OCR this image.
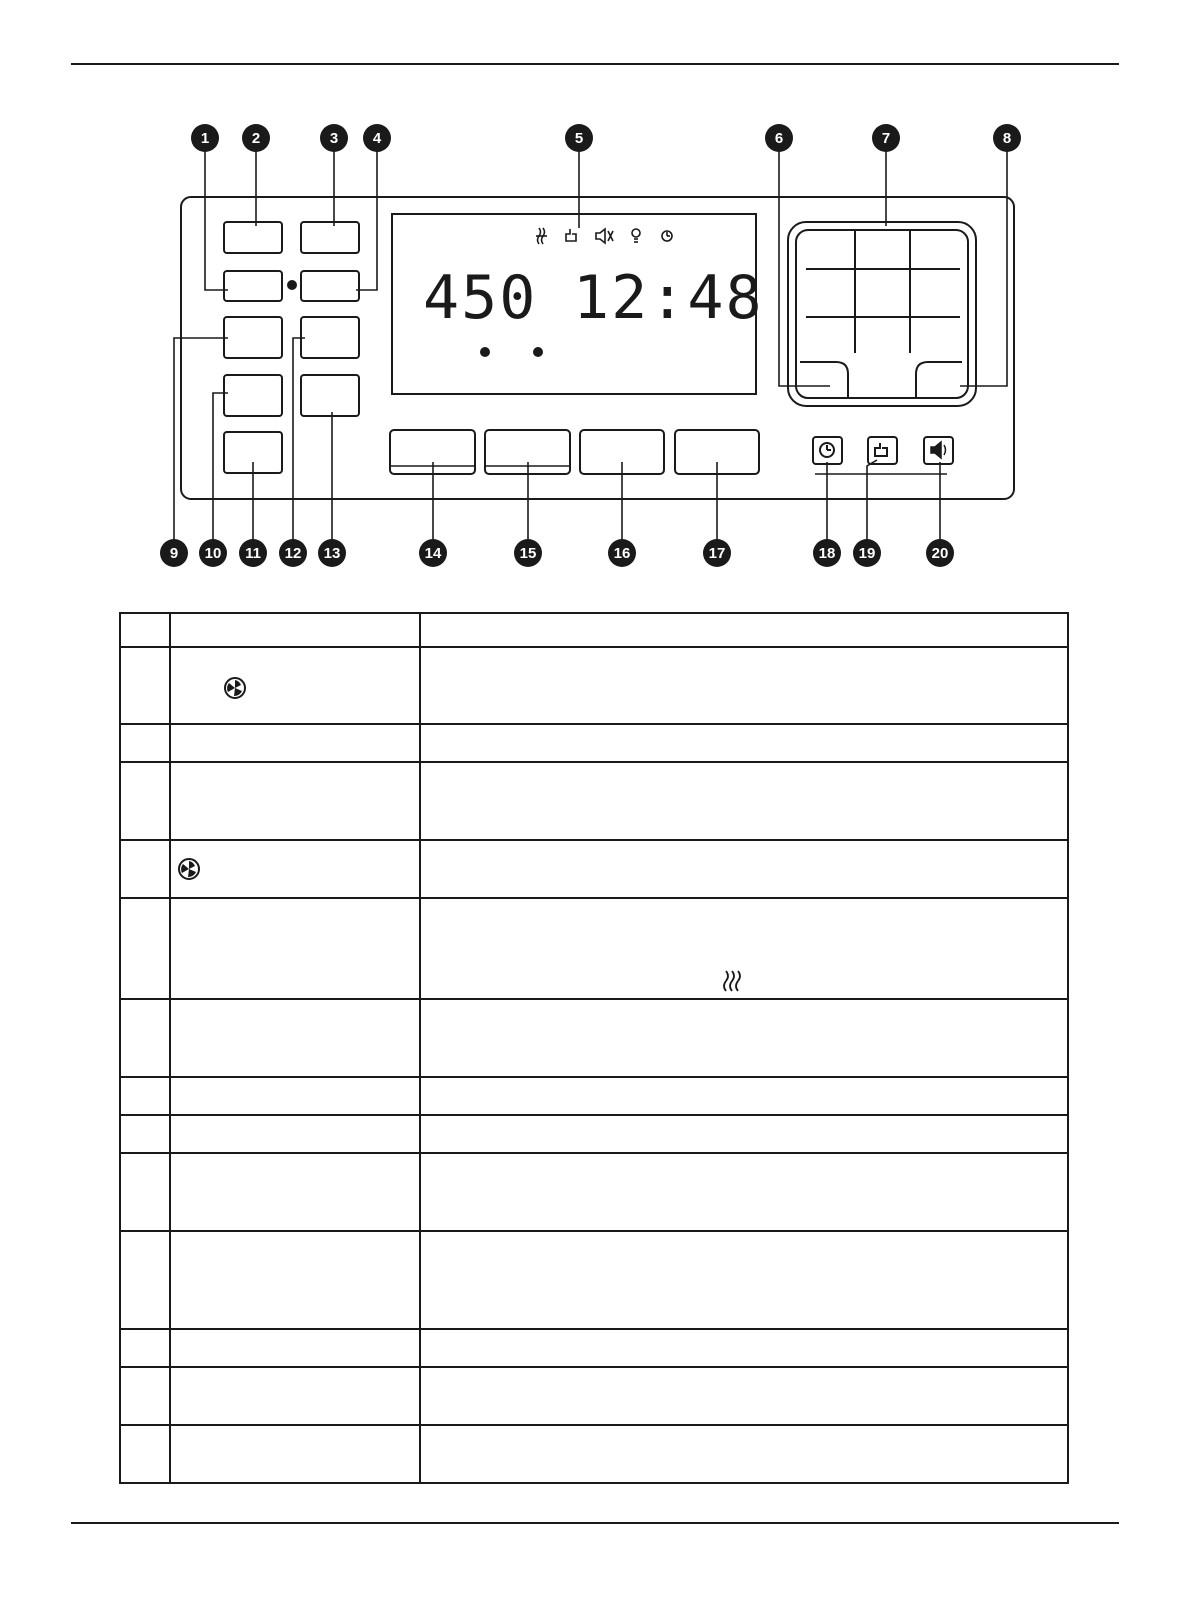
450 12:48
1	2	3 4	5	6	7	8
9 10 11 12 13	14	15	16	17	18 19	20
